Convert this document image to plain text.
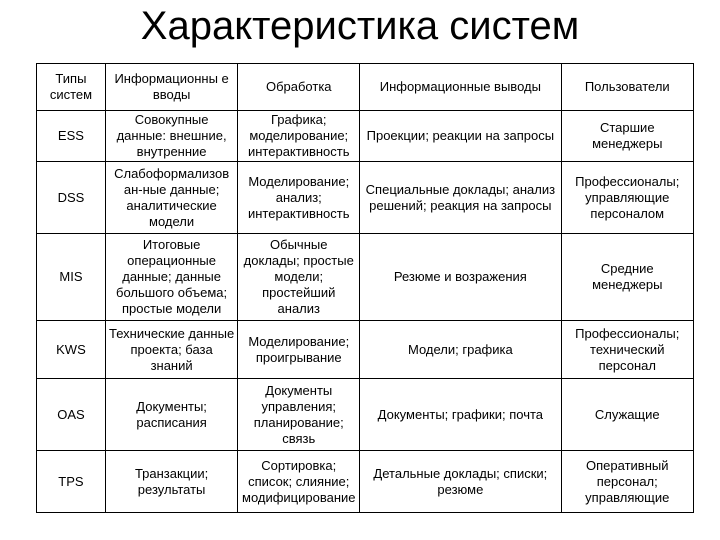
Характеристика систем
Типы систем	Информационны е вводы	Обработка	Информационные выводы	Пользователи
ESS	Совокупные данные: внешние, внутренние	Графика; моделирование; интерактивность	Проекции; реакции на запросы	Старшие менеджеры
DSS	Слабоформализов ан-ные данные; аналитические модели	Моделирование; анализ; интерактивность	Специальные доклады; анализ решений; реакция на запросы	Профессионалы; управляющие персоналом
MIS	Итоговые операционные данные; данные большого объема; простые модели	Обычные доклады; простые модели; простейший анализ	Резюме и возражения	Средние менеджеры
KWS	Технические данные проекта; база знаний	Моделирование; проигрывание	Модели; графика	Профессионалы; технический персонал
OAS	Документы; расписания	Документы управления; планирование; связь	Документы; графики; почта	Служащие
TPS	Транзакции; результаты	Сортировка; список; слияние; модифицирование	Детальные доклады; списки; резюме	Оперативный персонал; управляющие
